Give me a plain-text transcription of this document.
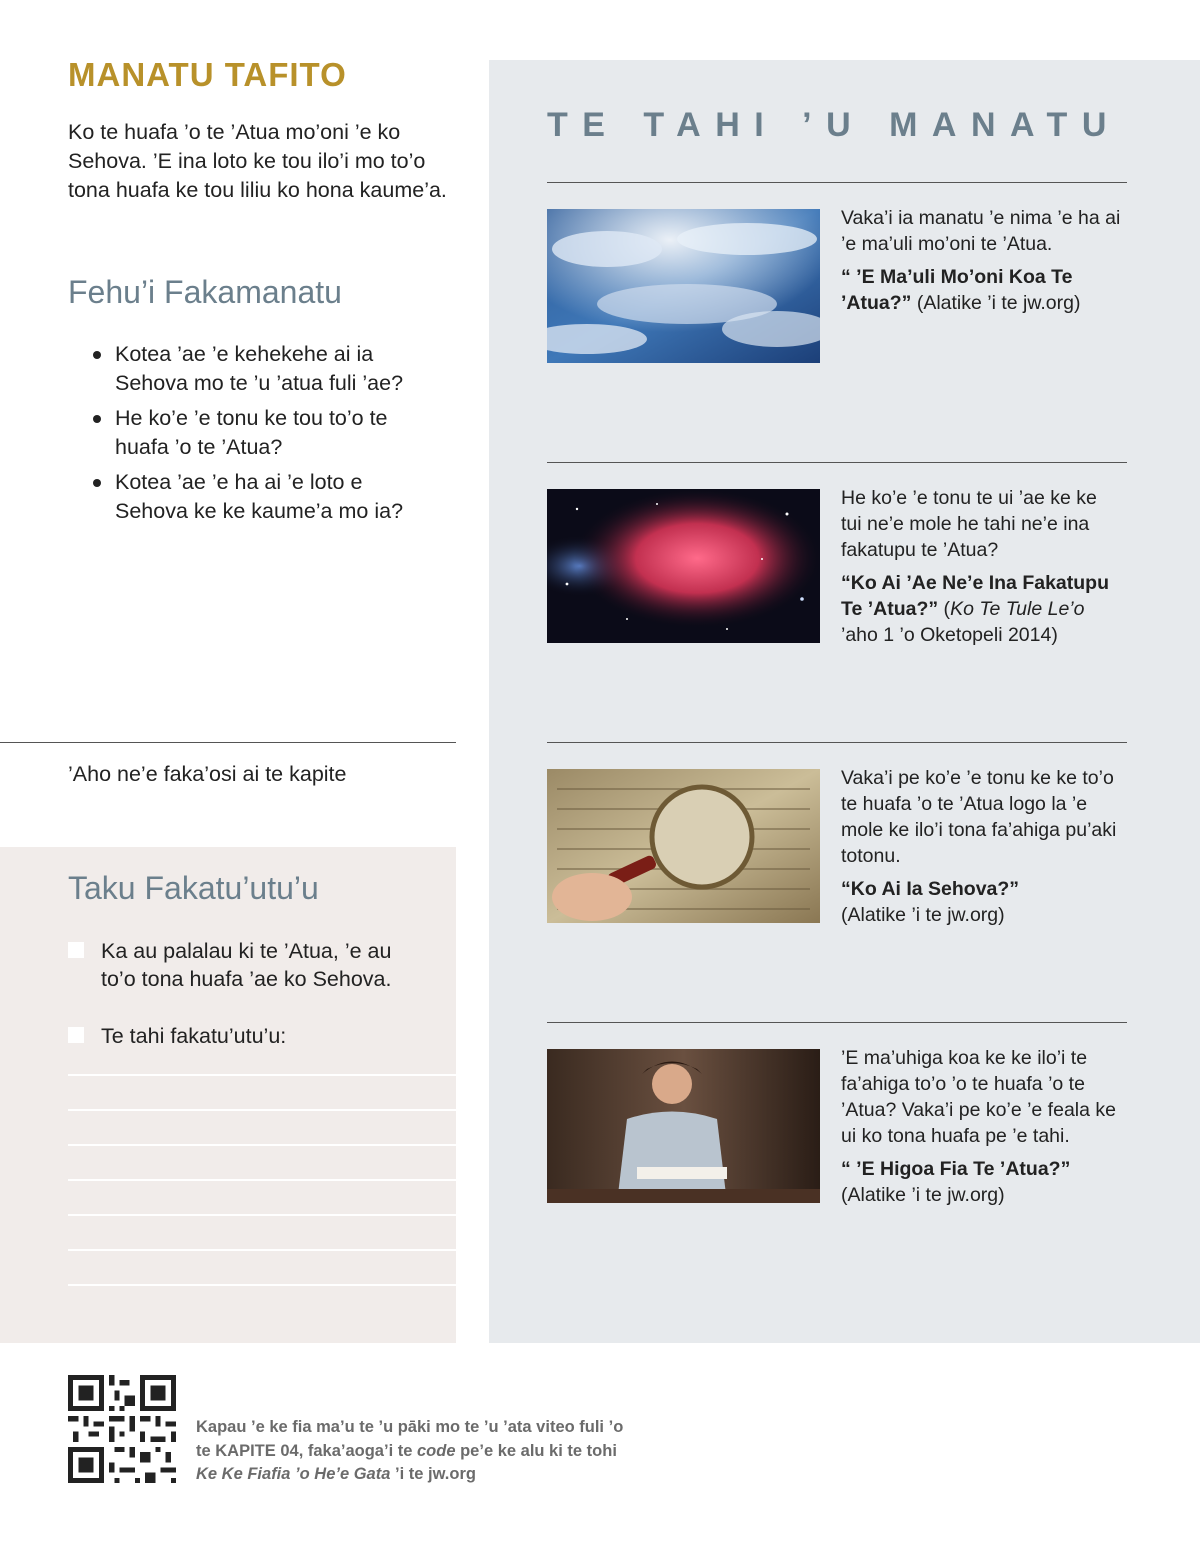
MANATU TAFITO

Ko te huafa ’o te ’Atua mo’oni ’e ko Sehova. ’E ina loto ke tou ilo’i mo to’o tona huafa ke tou liliu ko hona kaume’a.

Fehu’i Fakamanatu
Kotea ’ae ’e kehekehe ai ia Sehova mo te ’u ’atua fuli ’ae?
He ko’e ’e tonu ke tou to’o te huafa ’o te ’Atua?
Kotea ’ae ’e ha ai ’e loto e Sehova ke ke kaume’a mo ia?
’Aho ne’e faka’osi ai te kapite
Taku Fakatu’utu’u
Ka au palalau ki te ’Atua, ’e au to’o tona huafa ’ae ko Sehova.
Te tahi fakatu’utu’u:
TE TAHI ’U MANATU

Vaka’i ia manatu ’e nima ’e ha ai ’e ma’uli mo’oni te ’Atua.

“ ’E Ma’uli Mo’oni Koa Te ’Atua?” (Alatike ’i te jw.org)

He ko’e ’e tonu te ui ’ae ke ke tui ne’e mole he tahi ne’e ina fakatupu te ’Atua?

“Ko Ai ’Ae Ne’e Ina Fakatupu Te ’Atua?” (Ko Te Tule Le’o ’aho 1 ’o Oketopeli 2014)

Vaka’i pe ko’e ’e tonu ke ke to’o te huafa ’o te ’Atua logo la ’e mole ke ilo’i tona fa’ahiga pu’aki totonu.

“Ko Ai Ia Sehova?”
(Alatike ’i te jw.org)

’E ma’uhiga koa ke ke ilo’i te fa’ahiga to’o ’o te huafa ’o te ’Atua? Vaka’i pe ko’e ’e feala ke ui ko tona huafa pe ’e tahi.

“ ’E Higoa Fia Te ’Atua?”
(Alatike ’i te jw.org)

Kapau ’e ke fia ma’u te ’u pāki mo te ’u ’ata viteo fuli ’o te KAPITE 04, faka’aoga’i te code pe’e ke alu ki te tohi Ke Ke Fiafia ’o He’e Gata ’i te jw.org
